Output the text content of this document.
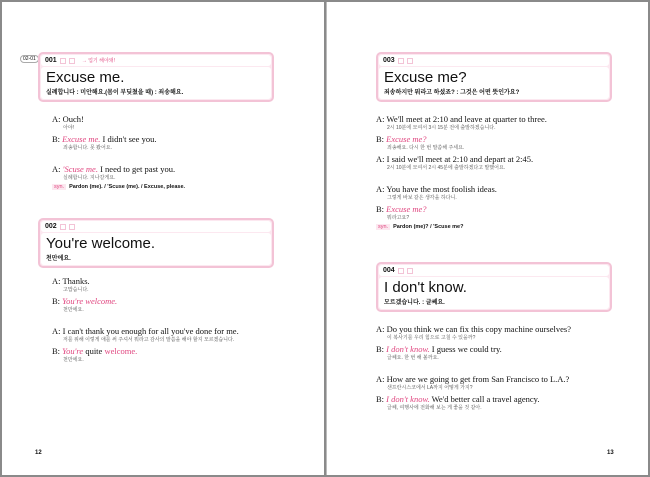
02-01
12
001	→ 업기 해야돼!
Excuse me.
실례합니다 : 미안해요.(몸이 부딪쳤을 때) : 죄송해요.
A: Ouch!
아야!
B: Excuse me. I didn't see you.
죄송합니다. 못 봤어요.
A: 'Scuse me. I need to get past you.
실례합니다. 지나갈게요.
syn. Pardon (me). / 'Scuse (me). / Excuse, please.
002
You're welcome.
천만에요.
A: Thanks.
고맙습니다.
B: You're welcome.
천만에요.
A: I can't thank you enough for all you've done for me.
저를 위해 이렇게 애를 써 주셔서 뭐라고 감사의 말씀을 해야 할지 모르겠습니다.
B: You're quite welcome.
천만에요.
13
003
Excuse me?
죄송하지만 뭐라고 하셨죠? : 그것은 어떤 뜻인가요?
A: We'll meet at 2:10 and leave at quarter to three.
2시 10분에 모여서 3시 15분 전에 출발하겠습니다.
B: Excuse me?
죄송해요. 다시 한 번 말씀해 주세요.
A: I said we'll meet at 2:10 and depart at 2:45.
2시 10분에 모여서 2시 45분에 출발하겠다고 말했어요.
A: You have the most foolish ideas.
그렇게 바보 같은 생각을 하다니.
B: Excuse me?
뭐라고요?
syn. Pardon (me)? / 'Scuse me?
004
I don't know.
모르겠습니다. : 글쎄요.
A: Do you think we can fix this copy machine ourselves?
이 복사기를 우리 힘으로 고칠 수 있을까?
B: I don't know. I guess we could try.
글쎄요. 한 번 해 볼까요.
A: How are we going to get from San Francisco to L.A.?
샌프란시스코에서 LA까지 어떻게 가지?
B: I don't know. We'd better call a travel agency.
글쎄, 여행사에 전화해 보는 게 좋을 것 같아.
